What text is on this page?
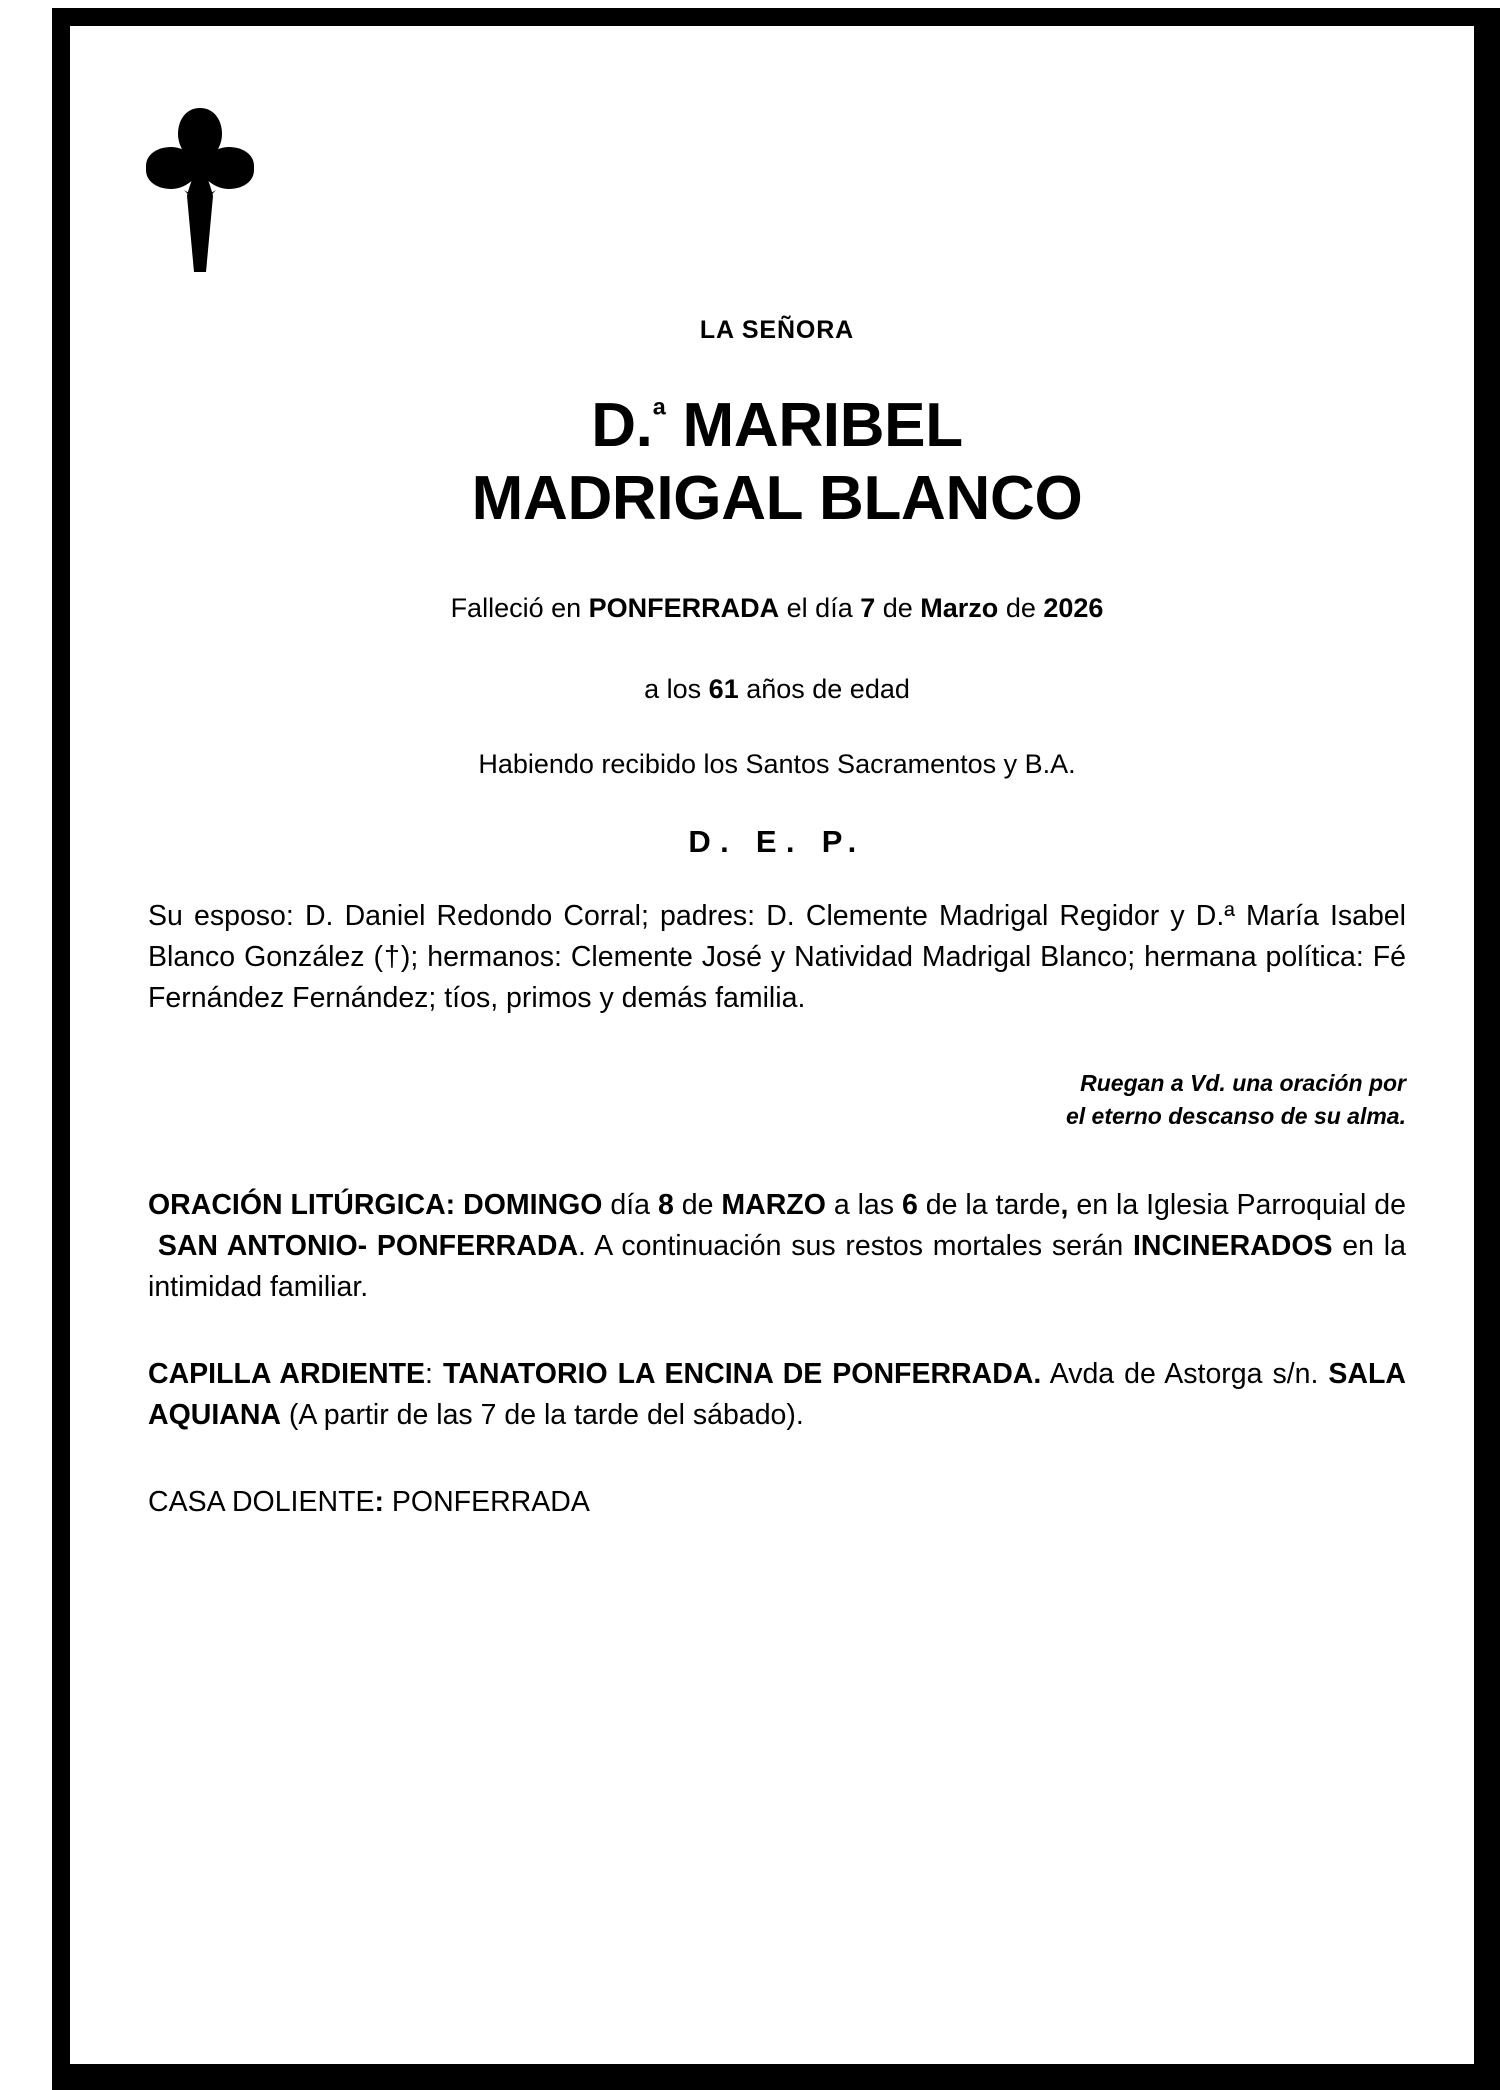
LA SEÑORA
D.$^ª$ MARIBEL
MADRIGAL BLANCO
Falleció en PONFERRADA el día 7 de Marzo de 2026
a los 61 años de edad
Habiendo recibido los Santos Sacramentos y B.A.
D. E. P.
Su esposo: D. Daniel Redondo Corral; padres: D. Clemente Madrigal Regidor y D.ª María Isabel Blanco González (†); hermanos: Clemente José y Natividad Madrigal Blanco; hermana política: Fé Fernández Fernández; tíos, primos y demás familia.
Ruegan a Vd. una oración por
el eterno descanso de su alma.
ORACIÓN LITÚRGICA: DOMINGO día 8 de MARZO a las 6 de la tarde, en la Iglesia Parroquial de  SAN ANTONIO- PONFERRADA. A continuación sus restos mortales serán INCINERADOS en la intimidad familiar.
CAPILLA ARDIENTE: TANATORIO LA ENCINA DE PONFERRADA. Avda de Astorga s/n. SALA AQUIANA (A partir de las 7 de la tarde del sábado).
CASA DOLIENTE: PONFERRADA
